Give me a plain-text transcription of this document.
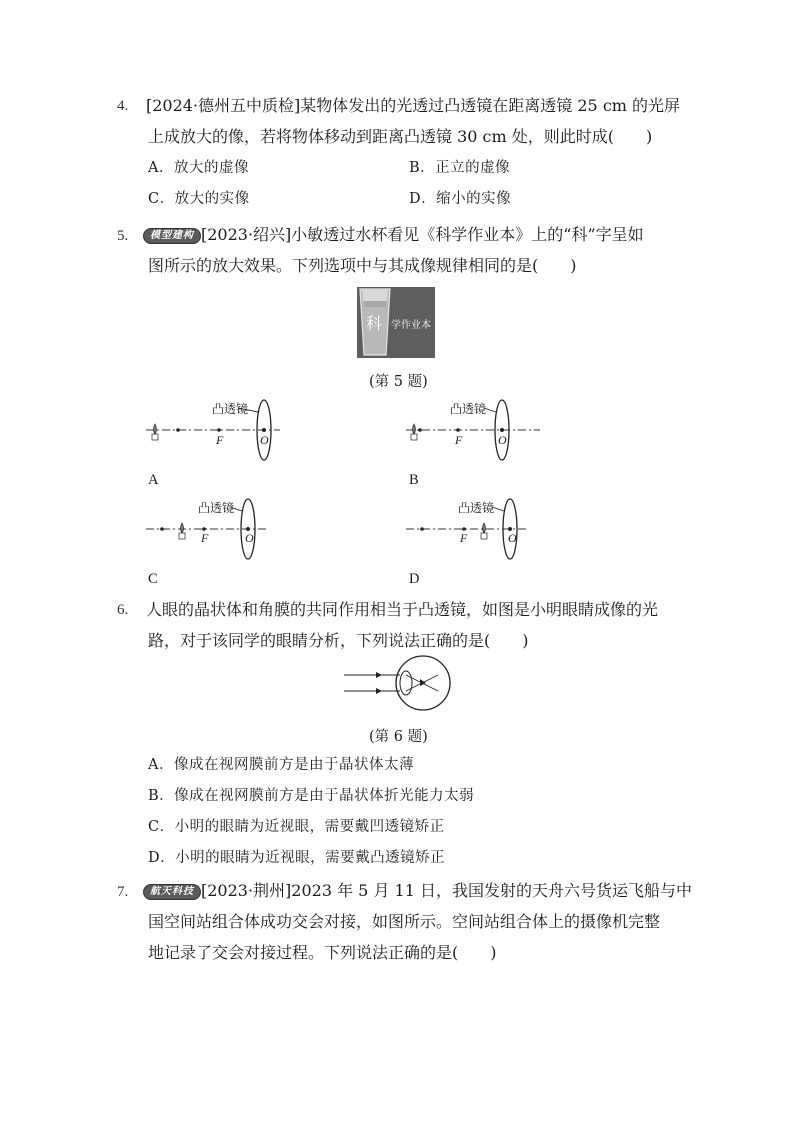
4. [2024·德州五中质检]某物体发出的光透过凸透镜在距离透镜 25 cm 的光屏
上成放大的像，若将物体移动到距离凸透镜 30 cm 处，则此时成(　　)
A．放大的虚像	B．正立的虚像
C．放大的实像	D．缩小的实像
5.	模型建构 [2023·绍兴]小敏透过水杯看见《科学作业本》上的“科”字呈如
图所示的放大效果。下列选项中与其成像规律相同的是(　　)
科 学作业本
(第 5 题)
凸透镜
F	O
A
凸透镜
F	O
B
凸透镜
F	O
C
凸透镜
F	O
D
6. 人眼的晶状体和角膜的共同作用相当于凸透镜，如图是小明眼睛成像的光
路，对于该同学的眼睛分析，下列说法正确的是(　　)
(第 6 题)
A．像成在视网膜前方是由于晶状体太薄
B．像成在视网膜前方是由于晶状体折光能力太弱
C．小明的眼睛为近视眼，需要戴凹透镜矫正
D．小明的眼睛为近视眼，需要戴凸透镜矫正
7.	航天科技 [2023·荆州]2023 年 5 月 11 日，我国发射的天舟六号货运飞船与中
国空间站组合体成功交会对接，如图所示。空间站组合体上的摄像机完整
地记录了交会对接过程。下列说法正确的是(　　)
